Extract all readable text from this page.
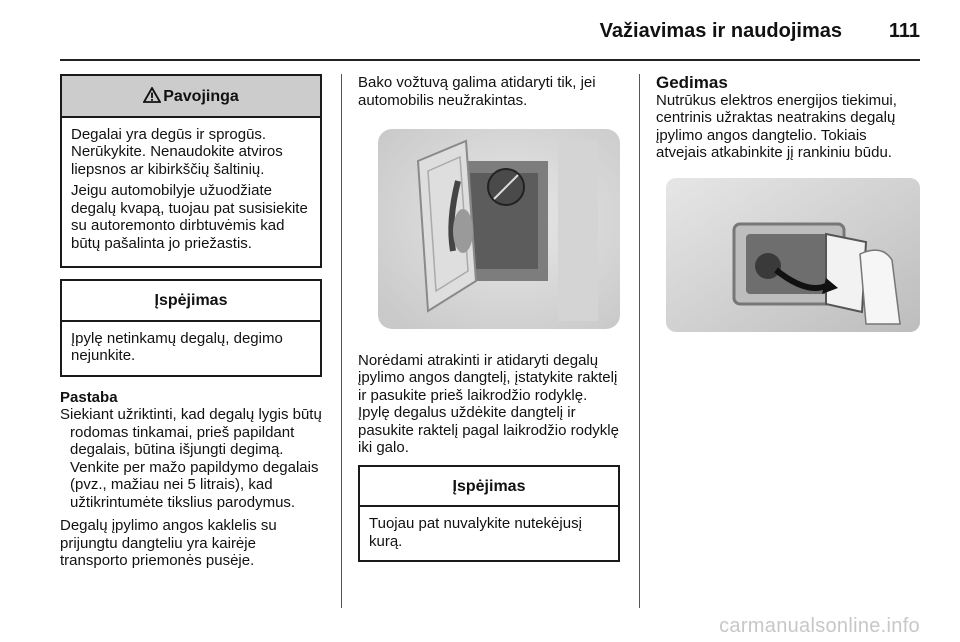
Važiavimas ir naudojimas 111
Pavojinga

Degalai yra degūs ir sprogūs. Nerūkykite. Nenaudokite atviros liepsnos ar kibirkščių šaltinių.

Jeigu automobilyje užuodžiate degalų kvapą, tuojau pat susisiekite su autoremonto dirbtuvėmis kad būtų pašalinta jo priežastis.

Įspėjimas
Įpylę netinkamų degalų, degimo nejunkite.
Pastaba
Siekiant užriktinti, kad degalų lygis būtų rodomas tinkamai, prieš papildant degalais, būtina išjungti degimą. Venkite per mažo papildymo degalais (pvz., mažiau nei 5 litrais), kad užtikrintumėte tikslius parodymus.
Degalų įpylimo angos kaklelis su prijungtu dangteliu yra kairėje transporto priemonės pusėje.
Bako vožtuvą galima atidaryti tik, jei automobilis neužrakintas.
Norėdami atrakinti ir atidaryti degalų įpylimo angos dangtelį, įstatykite raktelį ir pasukite prieš laikrodžio rodyklę. Įpylę degalus uždėkite dangtelį ir pasukite raktelį pagal laikrodžio rodyklę iki galo.
Įspėjimas
Tuojau pat nuvalykite nutekėjusį kurą.
Gedimas
Nutrūkus elektros energijos tiekimui, centrinis užraktas neatrakins degalų įpylimo angos dangtelio. Tokiais atvejais atkabinkite jį rankiniu būdu.
carmanualsonline.info
